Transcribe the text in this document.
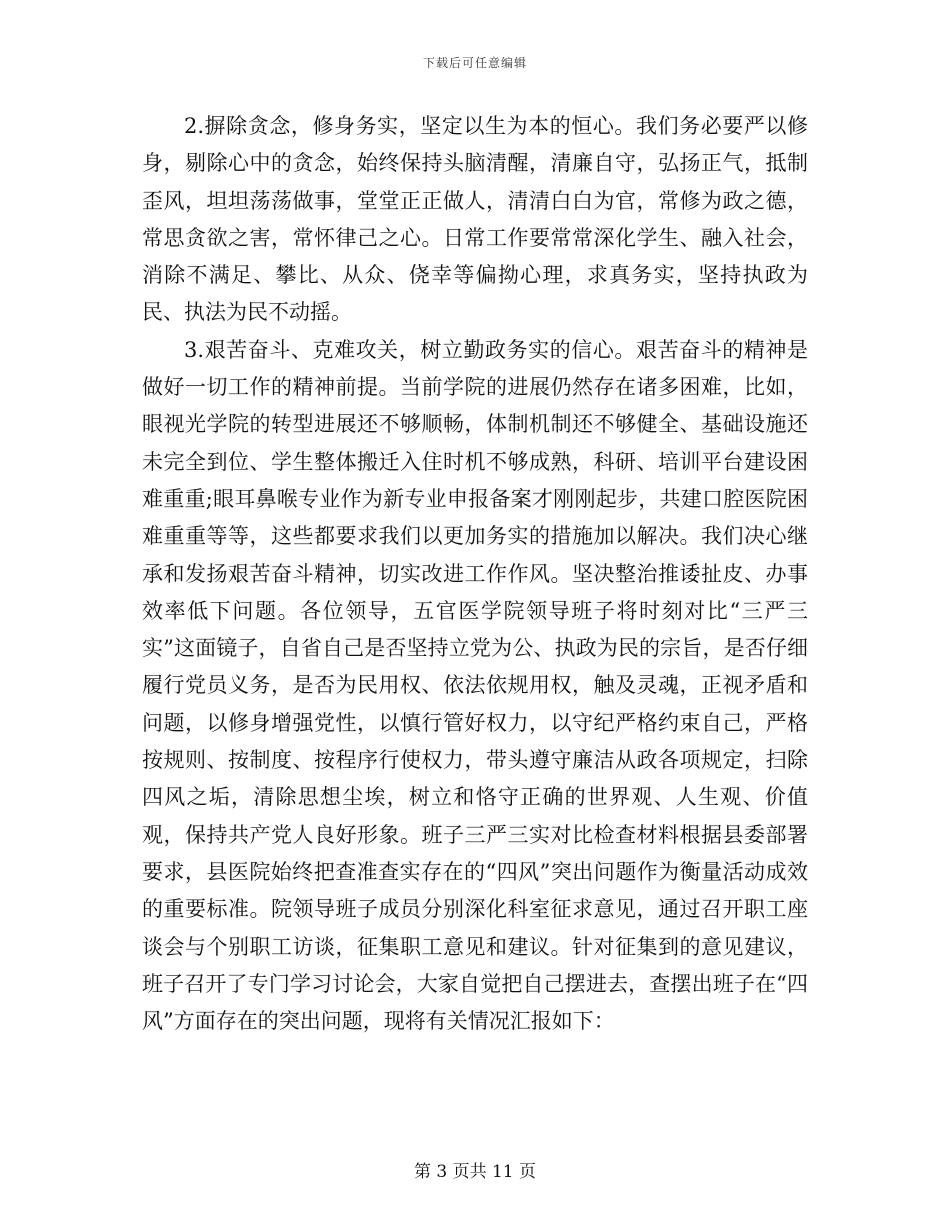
下载后可任意编辑

2.摒除贪念，修身务实，坚定以生为本的恒心。我们务必要严以修身，剔除心中的贪念，始终保持头脑清醒，清廉自守，弘扬正气，抵制歪风，坦坦荡荡做事，堂堂正正做人，清清白白为官，常修为政之德，常思贪欲之害，常怀律己之心。日常工作要常常深化学生、融入社会，消除不满足、攀比、从众、侥幸等偏拗心理，求真务实，坚持执政为民、执法为民不动摇。

3.艰苦奋斗、克难攻关，树立勤政务实的信心。艰苦奋斗的精神是做好一切工作的精神前提。当前学院的进展仍然存在诸多困难，比如，眼视光学院的转型进展还不够顺畅，体制机制还不够健全、基础设施还未完全到位、学生整体搬迁入住时机不够成熟，科研、培训平台建设困难重重;眼耳鼻喉专业作为新专业申报备案才刚刚起步，共建口腔医院困难重重等等，这些都要求我们以更加务实的措施加以解决。我们决心继承和发扬艰苦奋斗精神，切实改进工作作风。坚决整治推诿扯皮、办事效率低下问题。各位领导，五官医学院领导班子将时刻对比“三严三实”这面镜子，自省自己是否坚持立党为公、执政为民的宗旨，是否仔细履行党员义务，是否为民用权、依法依规用权，触及灵魂，正视矛盾和问题，以修身增强党性，以慎行管好权力，以守纪严格约束自己，严格按规则、按制度、按程序行使权力，带头遵守廉洁从政各项规定，扫除四风之垢，清除思想尘埃，树立和恪守正确的世界观、人生观、价值观，保持共产党人良好形象。班子三严三实对比检查材料根据县委部署要求，县医院始终把查准查实存在的“四风”突出问题作为衡量活动成效的重要标准。院领导班子成员分别深化科室征求意见，通过召开职工座谈会与个别职工访谈，征集职工意见和建议。针对征集到的意见建议，班子召开了专门学习讨论会，大家自觉把自己摆进去，查摆出班子在“四风”方面存在的突出问题，现将有关情况汇报如下：

第 3 页共 11 页
